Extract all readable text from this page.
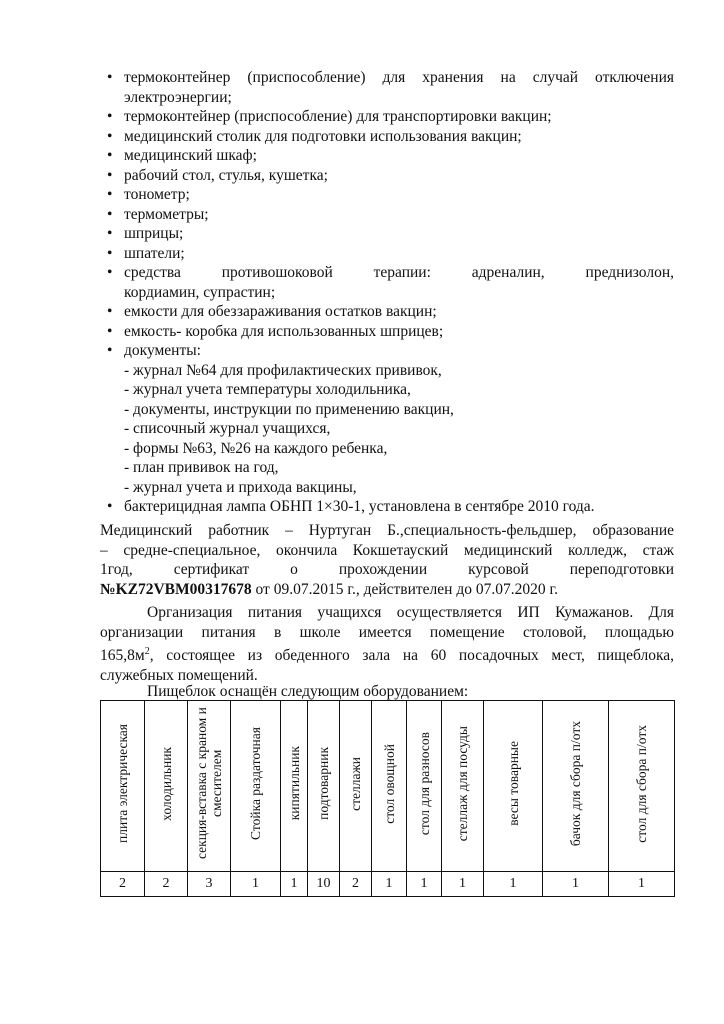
• термоконтейнер (приспособление) для хранения на случай отключения
электроэнергии;
• термоконтейнер (приспособление) для транспортировки вакцин;
• медицинский столик для подготовки использования вакцин;
• медицинский шкаф;
• рабочий стол, стулья, кушетка;
• тонометр;
• термометры;
• шприцы;
• шпатели;
• средства противошоковой терапии: адреналин, преднизолон,
кордиамин, супрастин;
• емкости для обеззараживания остатков вакцин;
• емкость- коробка для использованных шприцев;
• документы:
- журнал №64 для профилактических прививок,
- журнал учета температуры холодильника,
- документы, инструкции по применению вакцин,
- списочный журнал учащихся,
- формы №63, №26 на каждого ребенка,
- план прививок на год,
- журнал учета и прихода вакцины,
• бактерицидная лампа ОБНП 1×30-1, установлена в сентябре 2010 года.
Медицинский работник – Нуртуган Б.,специальность-фельдшер, образование
– средне-специальное, окончила Кокшетауский медицинский колледж, стаж
1год, сертификат о прохождении курсовой переподготовки
№KZ72VBM00317678 от 09.07.2015 г., действителен до 07.07.2020 г.
Организация питания учащихся осуществляется ИП Кумажанов. Для
организации питания в школе имеется помещение столовой, площадью
$165,8м^2$, состоящее из обеденного зала на 60 посадочных мест, пищеблока,
служебных помещений.
Пищеблок оснащён следующим оборудованием:
плита электрическая	холодильник	секция-вставка с краном и смесителем	Стойка раздаточная	кипятильник	подтоварник	стеллажи	стол овощной	стол для разносов	стеллаж для посуды	весы товарные	бачок для сбора п/отх	стол для сбора п/отх
2	2	3	1	1	10	2	1	1	1	1	1	1
